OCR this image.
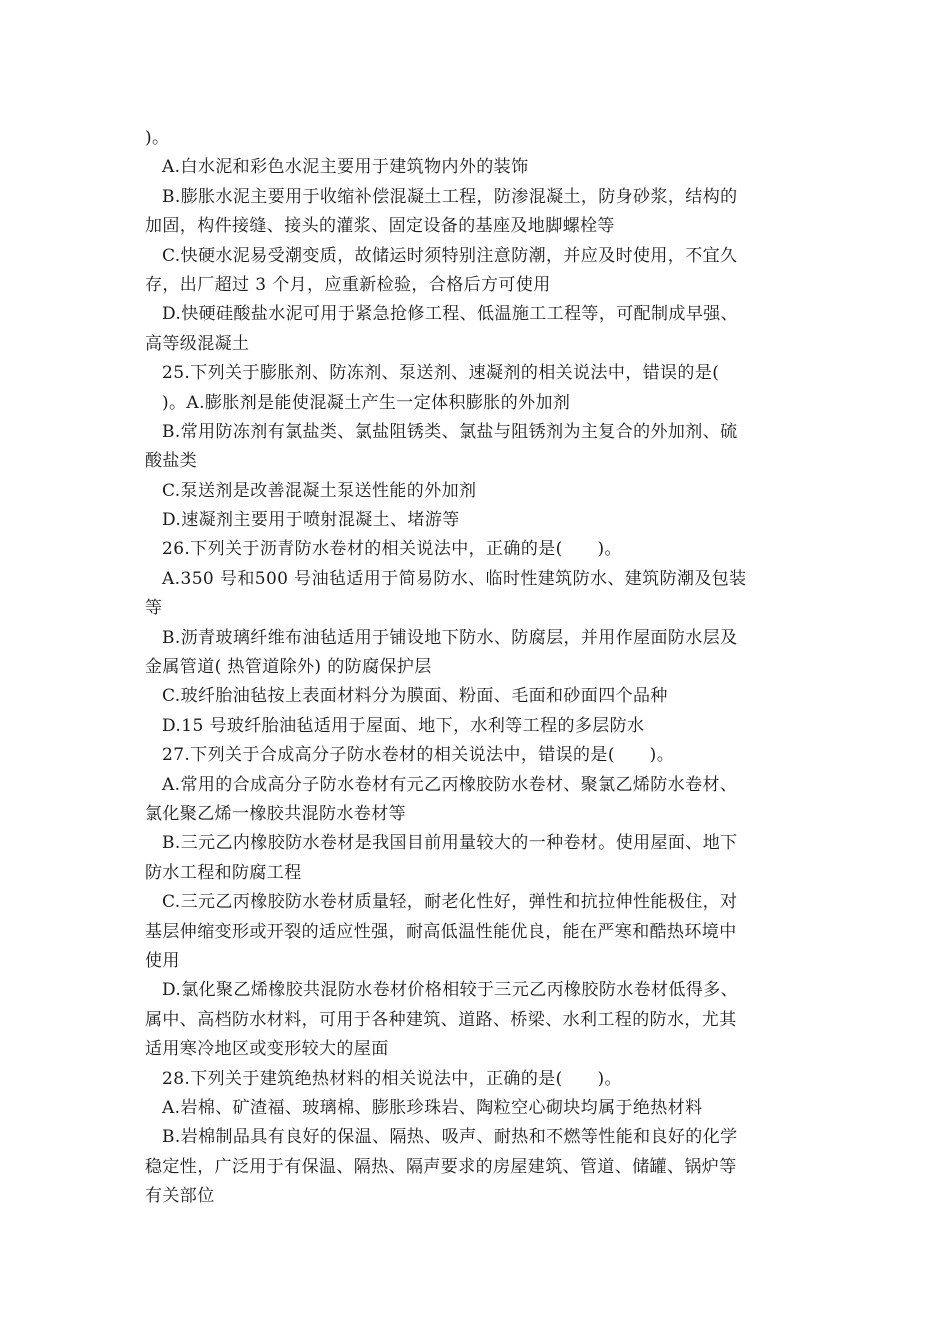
)。
A.白水泥和彩色水泥主要用于建筑物内外的装饰
B.膨胀水泥主要用于收缩补偿混凝土工程，防渗混凝土，防身砂浆，结构的
加固，构件接缝、接头的灌浆、固定设备的基座及地脚螺栓等
C.快硬水泥易受潮变质，故储运时须特别注意防潮，并应及时使用，不宜久
存，出厂超过 3 个月，应重新检验，合格后方可使用
D.快硬硅酸盐水泥可用于紧急抢修工程、低温施工工程等，可配制成早强、
高等级混凝土
25.下列关于膨胀剂、防冻剂、泵送剂、速凝剂的相关说法中，错误的是(
)。A.膨胀剂是能使混凝土产生一定体积膨胀的外加剂
B.常用防冻剂有氯盐类、氯盐阻锈类、氯盐与阻锈剂为主复合的外加剂、硫
酸盐类
C.泵送剂是改善混凝土泵送性能的外加剂
D.速凝剂主要用于喷射混凝土、堵游等
26.下列关于沥青防水卷材的相关说法中，正确的是(　　)。
A.350 号和500 号油毡适用于简易防水、临时性建筑防水、建筑防潮及包装
等
B.沥青玻璃纤维布油毡适用于铺设地下防水、防腐层，并用作屋面防水层及
金属管道( 热管道除外) 的防腐保护层
C.玻纤胎油毡按上表面材料分为膜面、粉面、毛面和砂面四个品种
D.15 号玻纤胎油毡适用于屋面、地下，水利等工程的多层防水
27.下列关于合成高分子防水卷材的相关说法中，错误的是(　　)。
A.常用的合成高分子防水卷材有元乙丙橡胶防水卷材、聚氯乙烯防水卷材、
氯化聚乙烯一橡胶共混防水卷材等
B.三元乙内橡胶防水卷材是我国目前用量较大的一种卷材。使用屋面、地下
防水工程和防腐工程
C.三元乙丙橡胶防水卷材质量轻，耐老化性好，弹性和抗拉伸性能极住，对
基层伸缩变形或开裂的适应性强，耐高低温性能优良，能在严寒和酷热环境中
使用
D.氯化聚乙烯橡胶共混防水卷材价格相较于三元乙丙橡胶防水卷材低得多、
属中、高档防水材料，可用于各种建筑、道路、桥梁、水利工程的防水，尤其
适用寒冷地区或变形较大的屋面
28.下列关于建筑绝热材料的相关说法中，正确的是(　　)。
A.岩棉、矿渣福、玻璃棉、膨胀珍珠岩、陶粒空心砌块均属于绝热材料
B.岩棉制品具有良好的保温、隔热、吸声、耐热和不燃等性能和良好的化学
稳定性，广泛用于有保温、隔热、隔声要求的房屋建筑、管道、储罐、锅炉等
有关部位
